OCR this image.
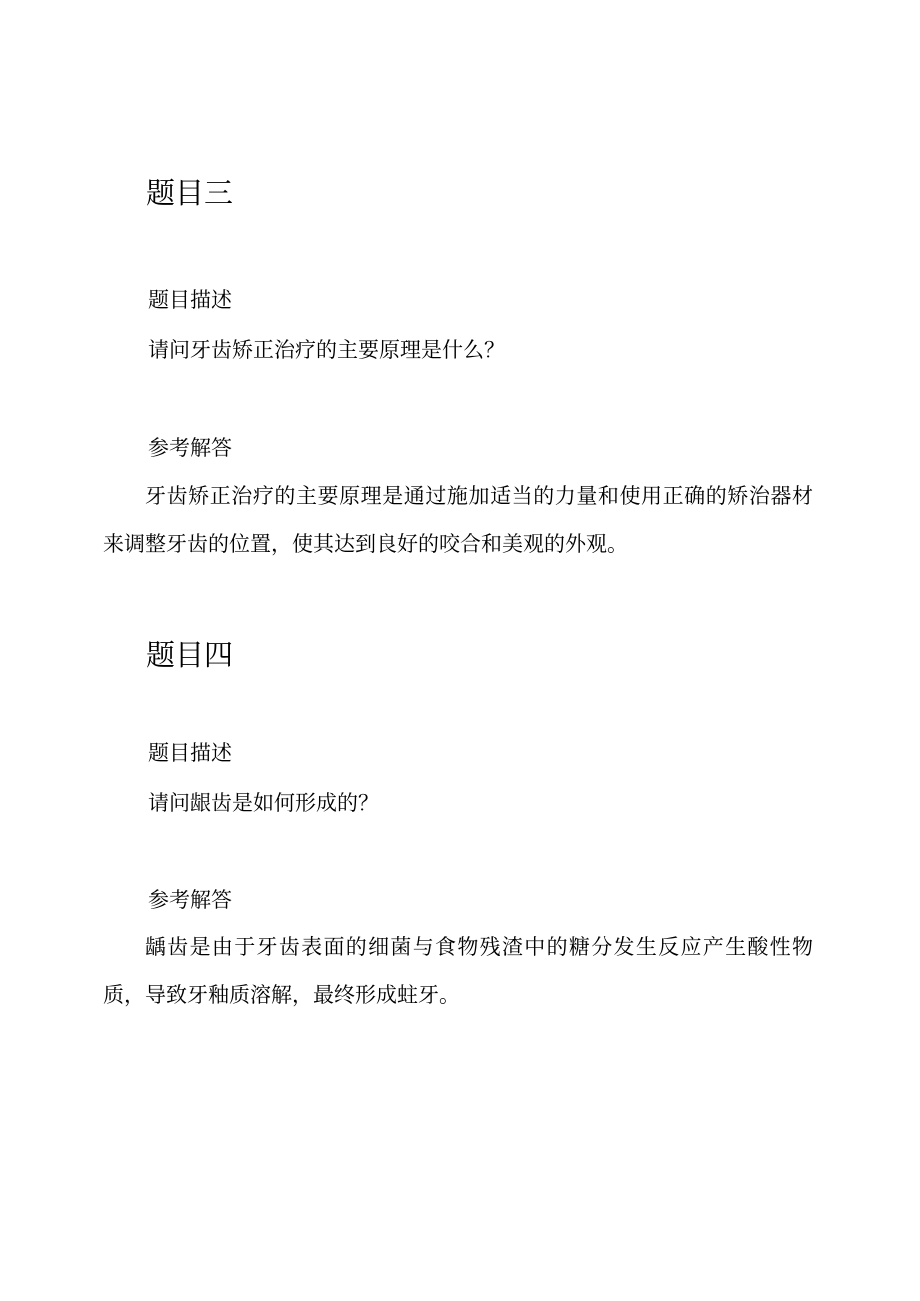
题目三
题目描述

请问牙齿矫正治疗的主要原理是什么？

参考解答

牙齿矫正治疗的主要原理是通过施加适当的力量和使用正确的矫治器材来调整牙齿的位置，使其达到良好的咬合和美观的外观。

题目四
题目描述

请问龈齿是如何形成的？

参考解答

龋齿是由于牙齿表面的细菌与食物残渣中的糖分发生反应产生酸性物质，导致牙釉质溶解，最终形成蛀牙。
